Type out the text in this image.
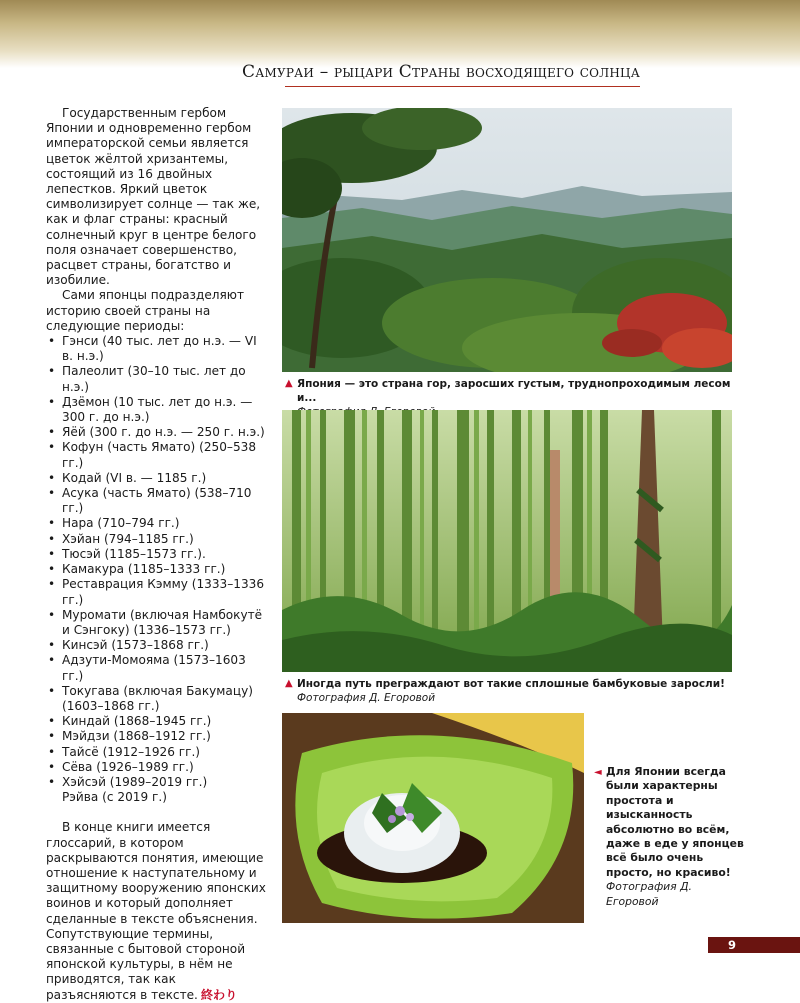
Самураи – рыцари Страны восходящего солнца

Государственным гербом Японии и одновременно гербом императорской семьи является цветок жёлтой хризантемы, состоящий из 16 двойных лепестков. Яркий цветок символизирует солнце — так же, как и флаг страны: красный солнечный круг в центре белого поля означает совершенство, расцвет страны, богатство и изобилие.

Сами японцы подразделяют историю своей страны на следующие периоды:

• Гэнси (40 тыс. лет до н.э. — VI в. н.э.)
• Палеолит (30–10 тыс. лет до н.э.)
• Дзёмон (10 тыс. лет до н.э. — 300 г. до н.э.)
• Яёй (300 г. до н.э. — 250 г. н.э.)
• Кофун (часть Ямато) (250–538 гг.)
• Кодай (VI в. — 1185 г.)
• Асука (часть Ямато) (538–710 гг.)
• Нара (710–794 гг.)
• Хэйан (794–1185 гг.)
• Тюсэй (1185–1573 гг.).
• Камакура (1185–1333 гг.)
• Реставрация Кэмму (1333–1336 гг.)
• Муромати (включая Намбокутё и Сэнгоку) (1336–1573 гг.)
• Кинсэй (1573–1868 гг.)
• Адзути-Момояма (1573–1603 гг.)
• Токугава (включая Бакумацу) (1603–1868 гг.)
• Киндай (1868–1945 гг.)
• Мэйдзи (1868–1912 гг.)
• Тайсё (1912–1926 гг.)
• Сёва (1926–1989 гг.)
• Хэйсэй (1989–2019 гг.)
Рэйва (с 2019 г.)

В конце книги имеется глоссарий, в котором раскрываются понятия, имеющие отношение к наступательному и защитному вооружению японских воинов и который дополняет сделанные в тексте объяснения. Сопутствующие термины, связанные с бытовой стороной японской культуры, в нём не приводятся, так как разъясняются в тексте. 終わり

▲ Япония — это страна гор, заросших густым, труднопроходимым лесом и...

▲ Иногда путь преграждают вот такие сплошные бамбуковые заросли!
Фотография Д. Егоровой
◄ Для Японии всегда были характерны простота и изысканность абсолютно во всём, даже в еде у японцев всё было очень просто, но красиво!
Фотография Д. Егоровой
9
